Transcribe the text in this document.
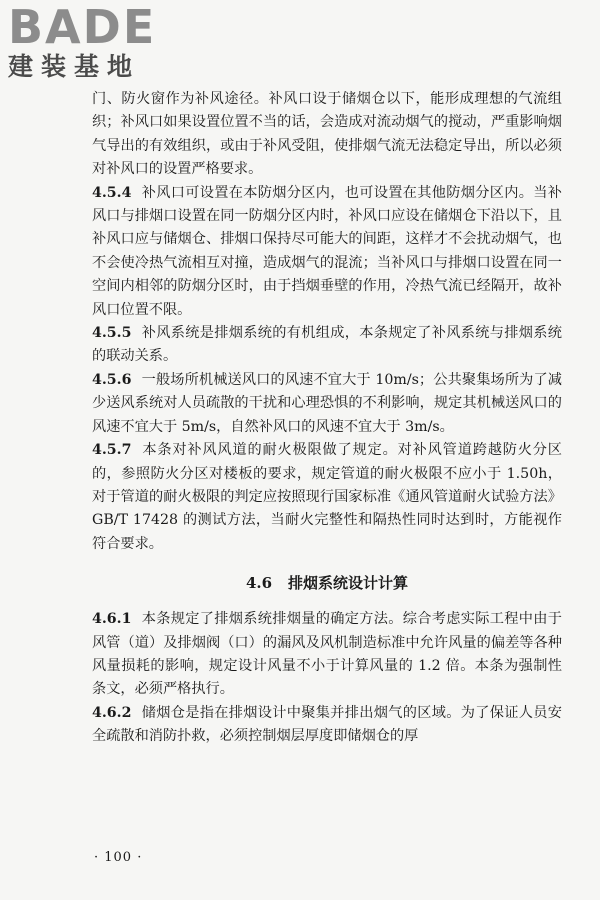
BADE
建装基地

门、防火窗作为补风途径。补风口设于储烟仓以下，能形成理想的气流组织；补风口如果设置位置不当的话，会造成对流动烟气的搅动，严重影响烟气导出的有效组织，或由于补风受阻，使排烟气流无法稳定导出，所以必须对补风口的设置严格要求。

4.5.4 补风口可设置在本防烟分区内，也可设置在其他防烟分区内。当补风口与排烟口设置在同一防烟分区内时，补风口应设在储烟仓下沿以下，且补风口应与储烟仓、排烟口保持尽可能大的间距，这样才不会扰动烟气，也不会使冷热气流相互对撞，造成烟气的混流；当补风口与排烟口设置在同一空间内相邻的防烟分区时，由于挡烟垂壁的作用，冷热气流已经隔开，故补风口位置不限。

4.5.5 补风系统是排烟系统的有机组成，本条规定了补风系统与排烟系统的联动关系。

4.5.6 一般场所机械送风口的风速不宜大于 10m/s；公共聚集场所为了减少送风系统对人员疏散的干扰和心理恐惧的不利影响，规定其机械送风口的风速不宜大于 5m/s，自然补风口的风速不宜大于 3m/s。

4.5.7 本条对补风风道的耐火极限做了规定。对补风管道跨越防火分区的，参照防火分区对楼板的要求，规定管道的耐火极限不应小于 1.50h，对于管道的耐火极限的判定应按照现行国家标准《通风管道耐火试验方法》GB/T 17428 的测试方法，当耐火完整性和隔热性同时达到时，方能视作符合要求。

4.6 排烟系统设计计算

4.6.1 本条规定了排烟系统排烟量的确定方法。综合考虑实际工程中由于风管（道）及排烟阀（口）的漏风及风机制造标准中允许风量的偏差等各种风量损耗的影响，规定设计风量不小于计算风量的 1.2 倍。本条为强制性条文，必须严格执行。

4.6.2 储烟仓是指在排烟设计中聚集并排出烟气的区域。为了保证人员安全疏散和消防扑救，必须控制烟层厚度即储烟仓的厚

· 100 ·
